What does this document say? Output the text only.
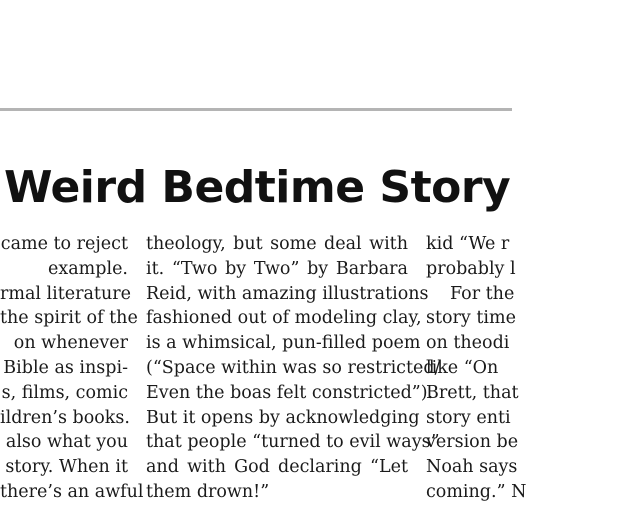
Weird Bedtime Story
came to reject
example.
rmal literature
the spirit of the
on whenever
Bible as inspi-
s, films, comic
ildren’s books.
also what you
story. When it
there’s an awful
theology, but some deal with
it. “Two by Two” by Barbara
Reid, with amazing illustrations
fashioned out of modeling clay,
is a whimsical, pun-filled poem
(“Space within was so restricted/
Even the boas felt constricted”).
But it opens by acknowledging
that people “turned to evil ways”
and with God declaring “Let
them drown!”
kid “We r
probably l
For the
story time
on theodi
like “On
Brett, that
story enti
version be
Noah says
coming.” N
